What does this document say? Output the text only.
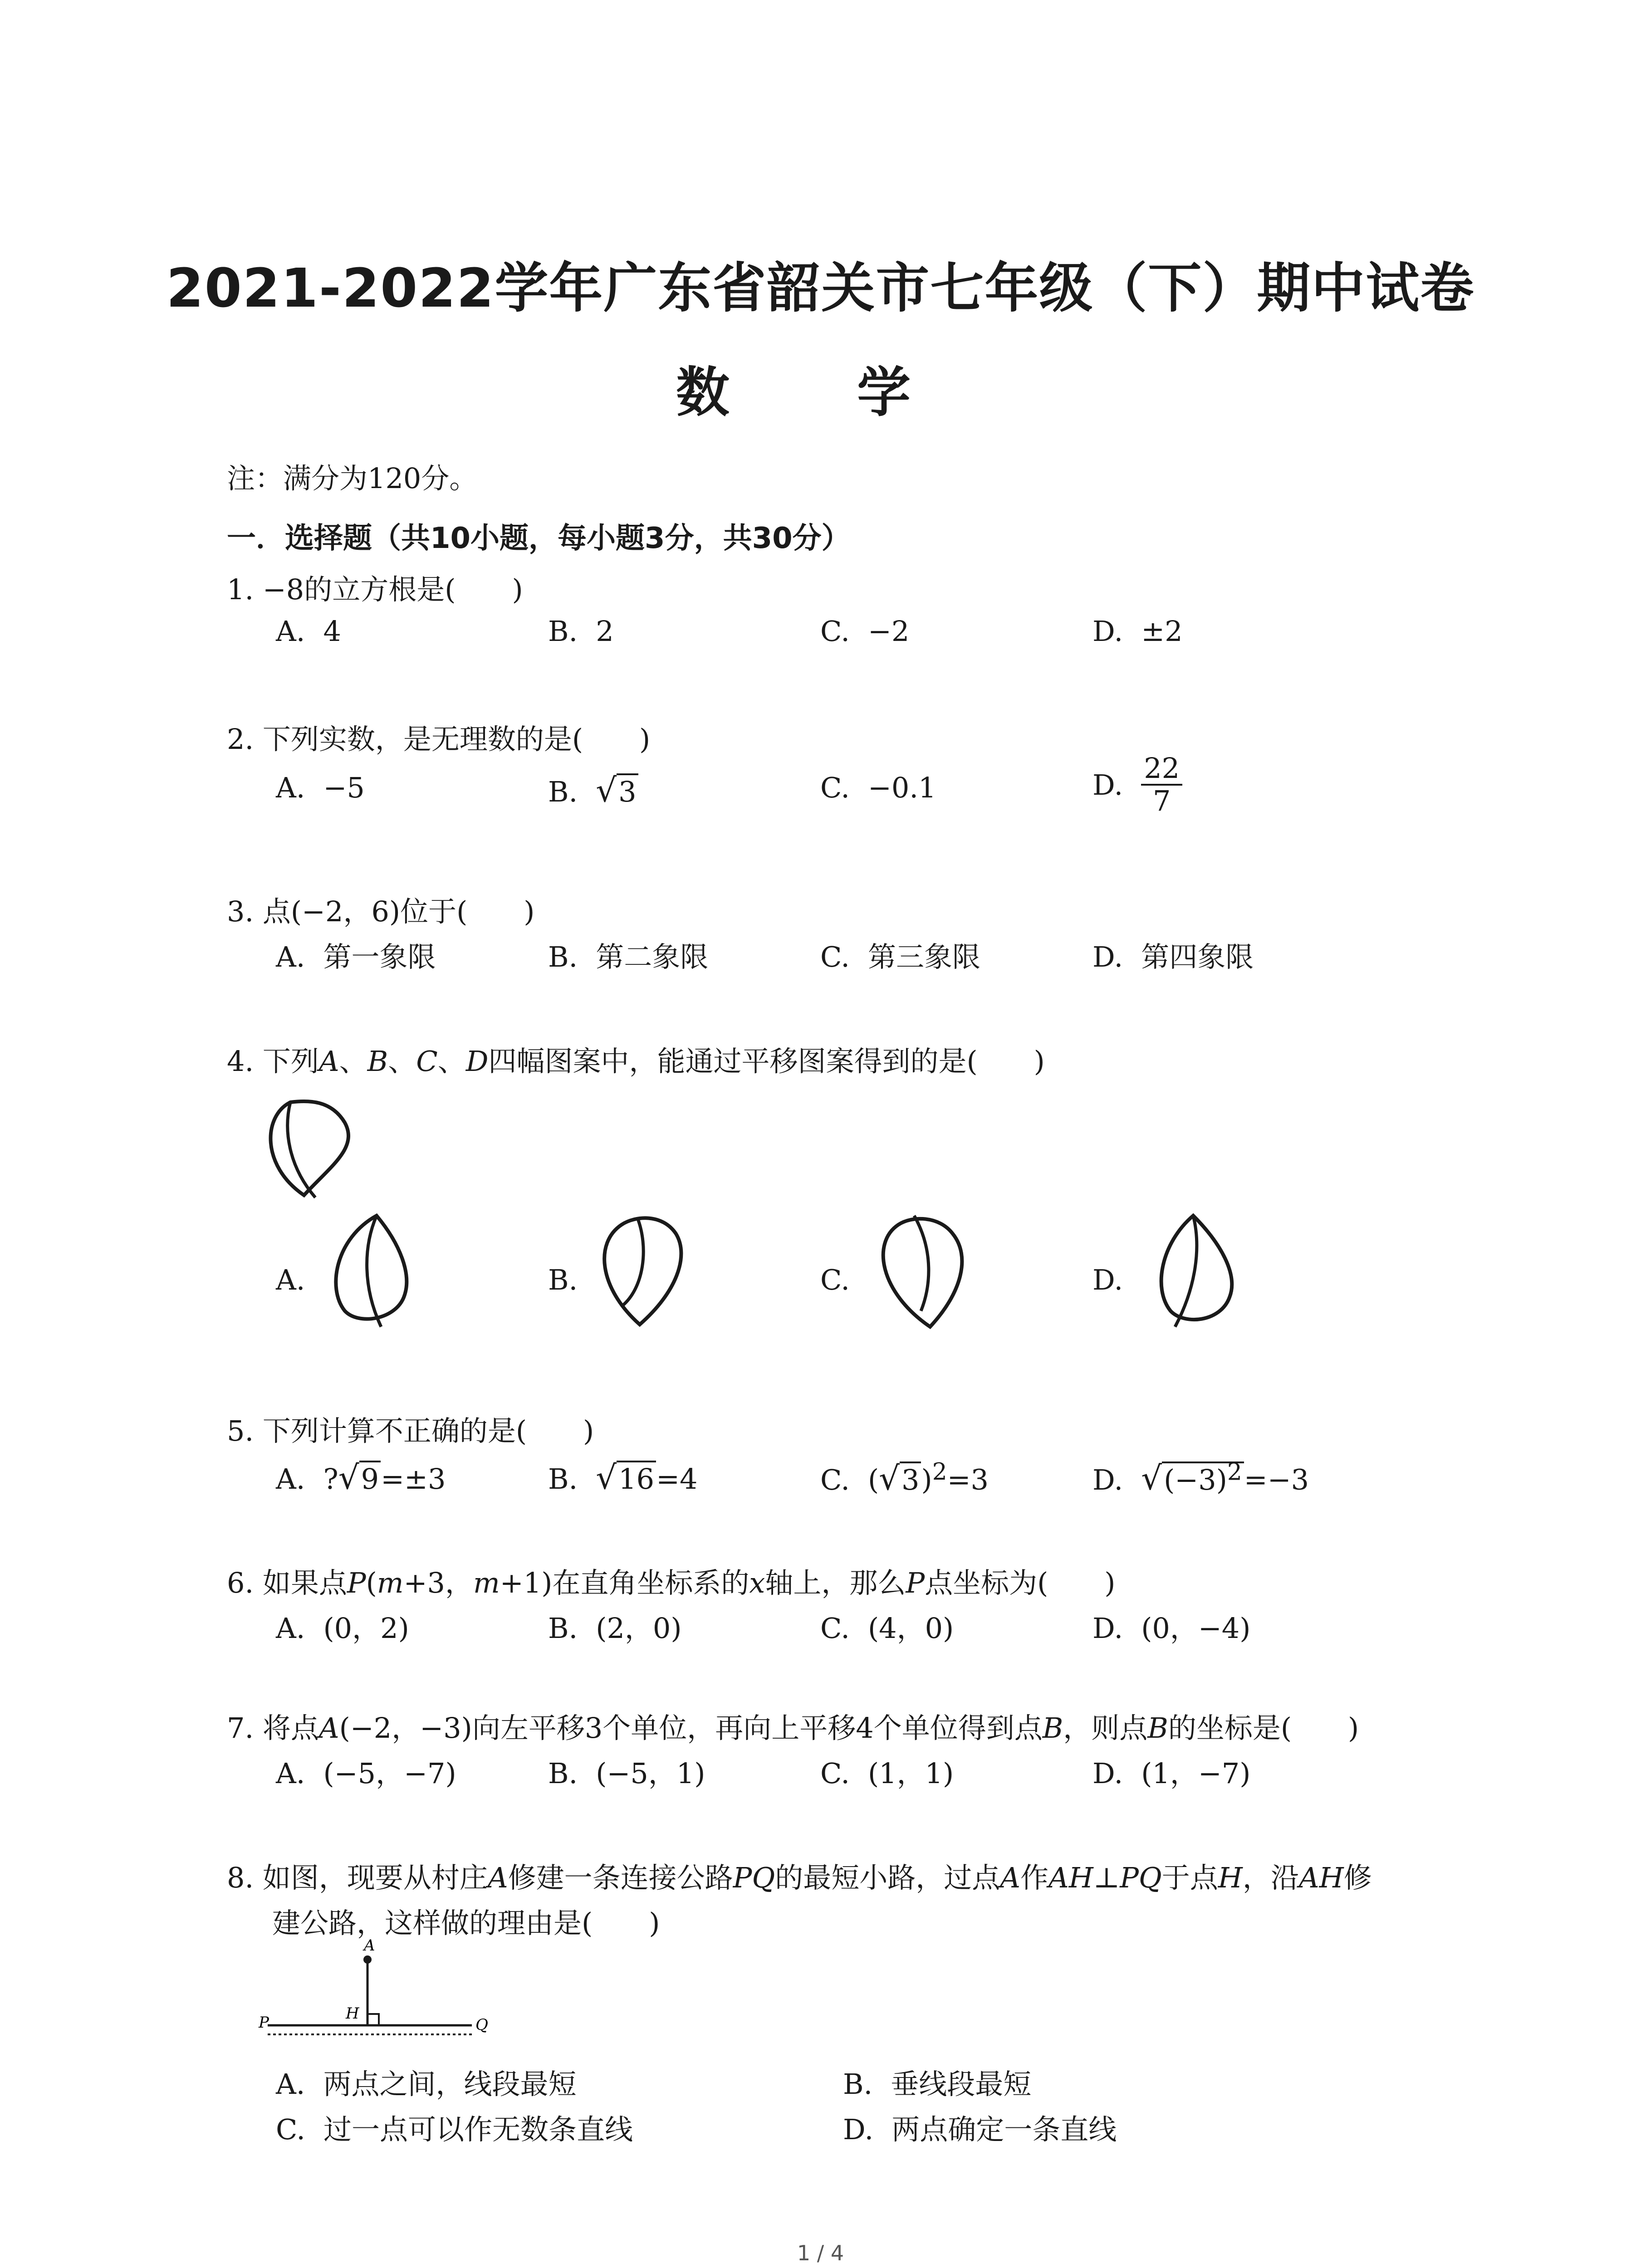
2021-2022学年广东省韶关市七年级（下）期中试卷
数 学
注：满分为120分。
一．选择题（共10小题，每小题3分，共30分）
1. −8的立方根是(　　)
A. 4	B. 2	C. −2	D. ±2
2. 下列实数，是无理数的是(　　)
A. −5	B. √3	C. −0.1	D. $\frac{22}{7}$
3. 点(−2，6)位于(　　)
A. 第一象限	B. 第二象限	C. 第三象限	D. 第四象限
4. 下列A、B、C、D四幅图案中，能通过平移图案得到的是(　　)
A.	B.	C.	D.
5. 下列计算不正确的是(　　)
A. ?√9=±3	B. √16=4	C. $(√3)^2=3$	D. $√(-3)^2=-3$
6. 如果点P(m+3，m+1)在直角坐标系的x轴上，那么P点坐标为(　　)
A. (0，2)	B. (2，0)	C. (4，0)	D. (0，−4)
7. 将点A(−2，−3)向左平移3个单位，再向上平移4个单位得到点B，则点B的坐标是(　　)
A. (−5，−7)	B. (−5，1)	C. (1，1)	D. (1，−7)
8. 如图，现要从村庄A修建一条连接公路PQ的最短小路，过点A作AH⊥PQ于点H，沿AH修
建公路，这样做的理由是(　　)
A
H
P	Q
A. 两点之间，线段最短	B. 垂线段最短
C. 过一点可以作无数条直线	D. 两点确定一条直线
1 / 4
